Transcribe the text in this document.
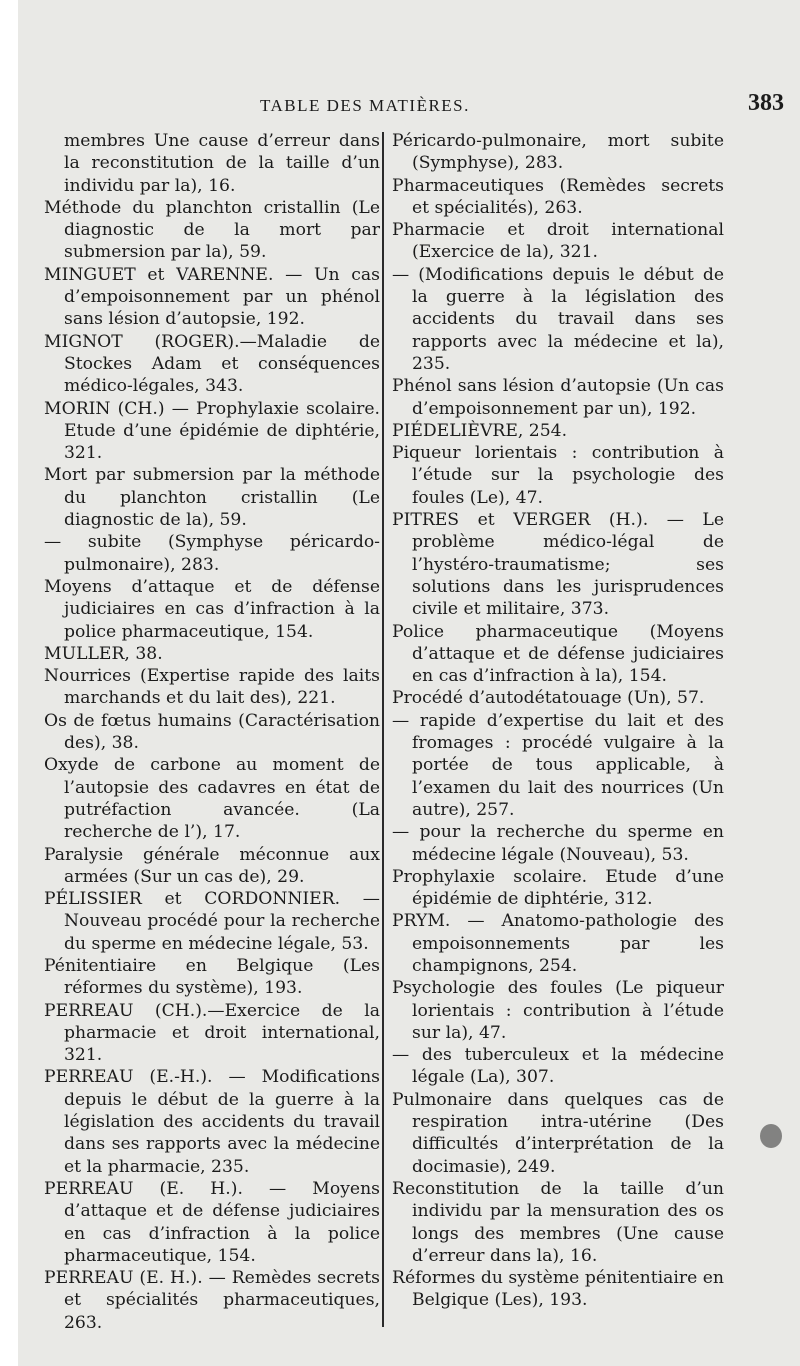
TABLE DES MATIÈRES.	383

membres Une cause d’erreur dans la reconstitution de la taille d’un individu par la), 16.

Méthode du planchton cristallin (Le diagnostic de la mort par submersion par la), 59.

MINGUET et VARENNE. — Un cas d’empoisonnement par un phénol sans lésion d’autopsie, 192.

MIGNOT (ROGER).—Maladie de Stockes Adam et conséquences médico-légales, 343.

MORIN (CH.) — Prophylaxie scolaire. Etude d’une épidémie de diphtérie, 321.

Mort par submersion par la méthode du planchton cristallin (Le diagnostic de la), 59.

— subite (Symphyse péricardo-pulmonaire), 283.

Moyens d’attaque et de défense judiciaires en cas d’infraction à la police pharmaceutique, 154.

MULLER, 38.

Nourrices (Expertise rapide des laits marchands et du lait des), 221.

Os de fœtus humains (Caractérisation des), 38.

Oxyde de carbone au moment de l’autopsie des cadavres en état de putréfaction avancée. (La recherche de l’), 17.

Paralysie générale méconnue aux armées (Sur un cas de), 29.

PÉLISSIER et CORDONNIER. — Nouveau procédé pour la recherche du sperme en médecine légale, 53.

Pénitentiaire en Belgique (Les réformes du système), 193.

PERREAU (CH.).—Exercice de la pharmacie et droit international, 321.

PERREAU (E.-H.). — Modifications depuis le début de la guerre à la législation des accidents du travail dans ses rapports avec la médecine et la pharmacie, 235.

PERREAU (E. H.). — Moyens d’attaque et de défense judiciaires en cas d’infraction à la police pharmaceutique, 154.

PERREAU (E. H.). — Remèdes secrets et spécialités pharmaceutiques, 263.

Péricardo-pulmonaire, mort subite (Symphyse), 283.

Pharmaceutiques (Remèdes secrets et spécialités), 263.

Pharmacie et droit international (Exercice de la), 321.

— (Modifications depuis le début de la guerre à la législation des accidents du travail dans ses rapports avec la médecine et la), 235.

Phénol sans lésion d’autopsie (Un cas d’empoisonnement par un), 192.

PIÉDELIÈVRE, 254.

Piqueur lorientais : contribution à l’étude sur la psychologie des foules (Le), 47.

PITRES et VERGER (H.). — Le problème médico-légal de l’hystéro-traumatisme; ses solutions dans les jurisprudences civile et militaire, 373.

Police pharmaceutique (Moyens d’attaque et de défense judiciaires en cas d’infraction à la), 154.

Procédé d’autodétatouage (Un), 57.

— rapide d’expertise du lait et des fromages : procédé vulgaire à la portée de tous applicable, à l’examen du lait des nourrices (Un autre), 257.

— pour la recherche du sperme en médecine légale (Nouveau), 53.

Prophylaxie scolaire. Etude d’une épidémie de diphtérie, 312.

PRYM. — Anatomo-pathologie des empoisonnements par les champignons, 254.

Psychologie des foules (Le piqueur lorientais : contribution à l’étude sur la), 47.

— des tuberculeux et la médecine légale (La), 307.

Pulmonaire dans quelques cas de respiration intra-utérine (Des difficultés d’interprétation de la docimasie), 249.

Reconstitution de la taille d’un individu par la mensuration des os longs des membres (Une cause d’erreur dans la), 16.

Réformes du système pénitentiaire en Belgique (Les), 193.
